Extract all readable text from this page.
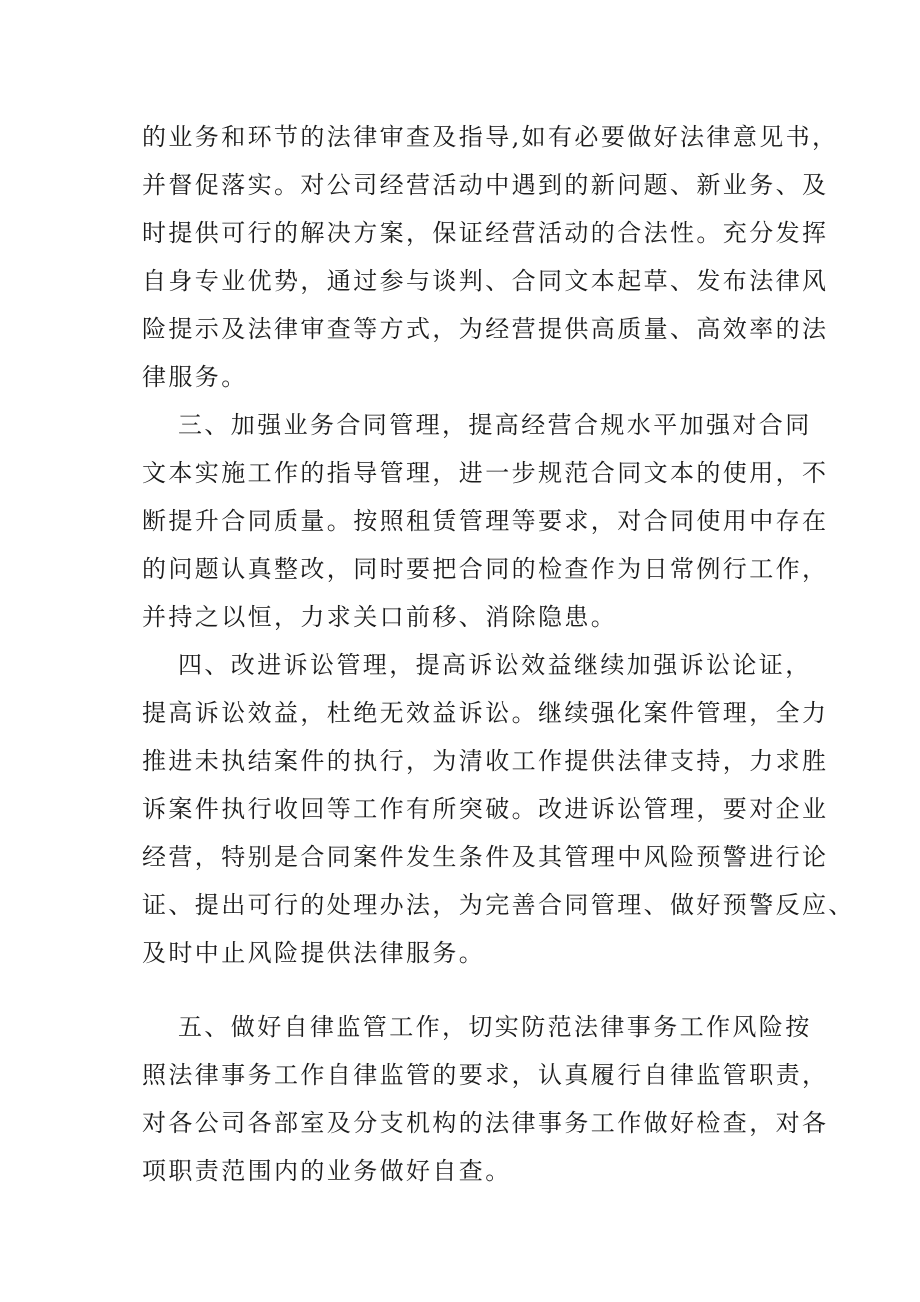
的业务和环节的法律审查及指导,如有必要做好法律意见书，
并督促落实。对公司经营活动中遇到的新问题、新业务、及
时提供可行的解决方案，保证经营活动的合法性。充分发挥
自身专业优势，通过参与谈判、合同文本起草、发布法律风
险提示及法律审查等方式，为经营提供高质量、高效率的法
律服务。
三、加强业务合同管理，提高经营合规水平加强对合同
文本实施工作的指导管理，进一步规范合同文本的使用，不
断提升合同质量。按照租赁管理等要求，对合同使用中存在
的问题认真整改，同时要把合同的检查作为日常例行工作，
并持之以恒，力求关口前移、消除隐患。
四、改进诉讼管理，提高诉讼效益继续加强诉讼论证，
提高诉讼效益，杜绝无效益诉讼。继续强化案件管理，全力
推进未执结案件的执行，为清收工作提供法律支持，力求胜
诉案件执行收回等工作有所突破。改进诉讼管理，要对企业
经营，特别是合同案件发生条件及其管理中风险预警进行论
证、提出可行的处理办法，为完善合同管理、做好预警反应、
及时中止风险提供法律服务。
五、做好自律监管工作，切实防范法律事务工作风险按
照法律事务工作自律监管的要求，认真履行自律监管职责，
对各公司各部室及分支机构的法律事务工作做好检查，对各
项职责范围内的业务做好自查。
